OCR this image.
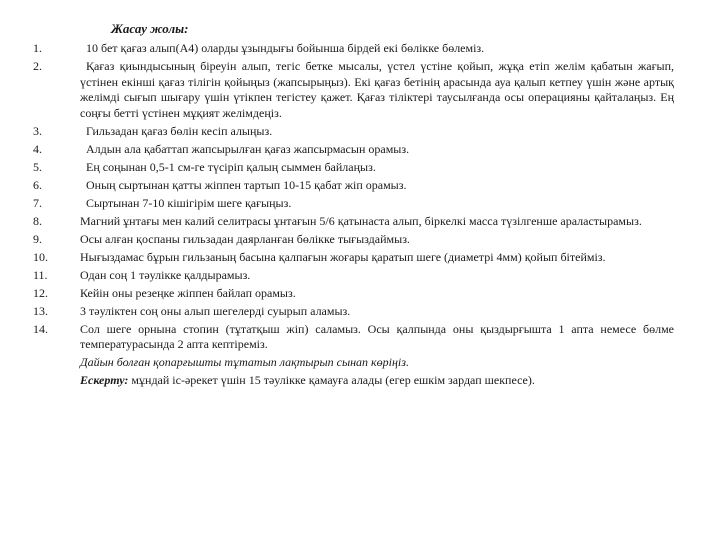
Жасау жолы:
1.	10 бет қағаз алып(А4) оларды ұзындығы бойынша бірдей екі бөлікке бөлеміз.
2.	Қағаз қиындысының біреуін алып, тегіс бетке мысалы, үстел үстіне қойып, жұқа етіп желім қабатын жағып, үстінен екінші қағаз тілігін қойыңыз (жапсырыңыз). Екі қағаз бетінің арасында ауа қалып кетпеу үшін және артық желімді сығып шығару үшін үтікпен тегістеу қажет. Қағаз тіліктері таусылғанда осы операцияны қайталаңыз. Ең соңғы бетті үстінен мұқият желімдеңіз.
3.	Гильзадан қағаз бөлін кесіп алыңыз.
4.	Алдын ала қабаттап жапсырылған қағаз жапсырмасын орамыз.
5.	Ең соңынан 0,5-1 см-ге түсіріп қалың сыммен байлаңыз.
6.	Оның сыртынан қатты жіппен тартып 10-15 қабат жіп орамыз.
7.	Сыртынан 7-10 кішігірім шеге қағыңыз.
8.	Магний ұнтағы мен калий селитрасы ұнтағын 5/6 қатынаста алып, біркелкі масса түзілгенше араластырамыз.
9.	Осы алған қоспаны гильзадан даярланған бөлікке тығыздаймыз.
10.	Нығыздамас бұрын гильзаның басына қалпағын жоғары қаратып шеге (диаметрі 4мм) қойып бітейміз.
11.	Одан соң 1 тәулікке қалдырамыз.
12.	Кейін оны резеңке жіппен байлап орамыз.
13.	3 тәуліктен соң оны алып шегелерді суырып аламыз.
14.	Сол шеге орнына стопин (тұтатқыш жіп) саламыз. Осы қалпында оны қыздырғышта 1 апта немесе бөлме температурасында 2 апта кептіреміз.
Дайын болған қопарғышты тұтатып лақтырып сынап көріңіз.
Ескерту: мұндай іс-әрекет үшін 15 тәулікке қамауға алады (егер ешкім зардап шекпесе).
